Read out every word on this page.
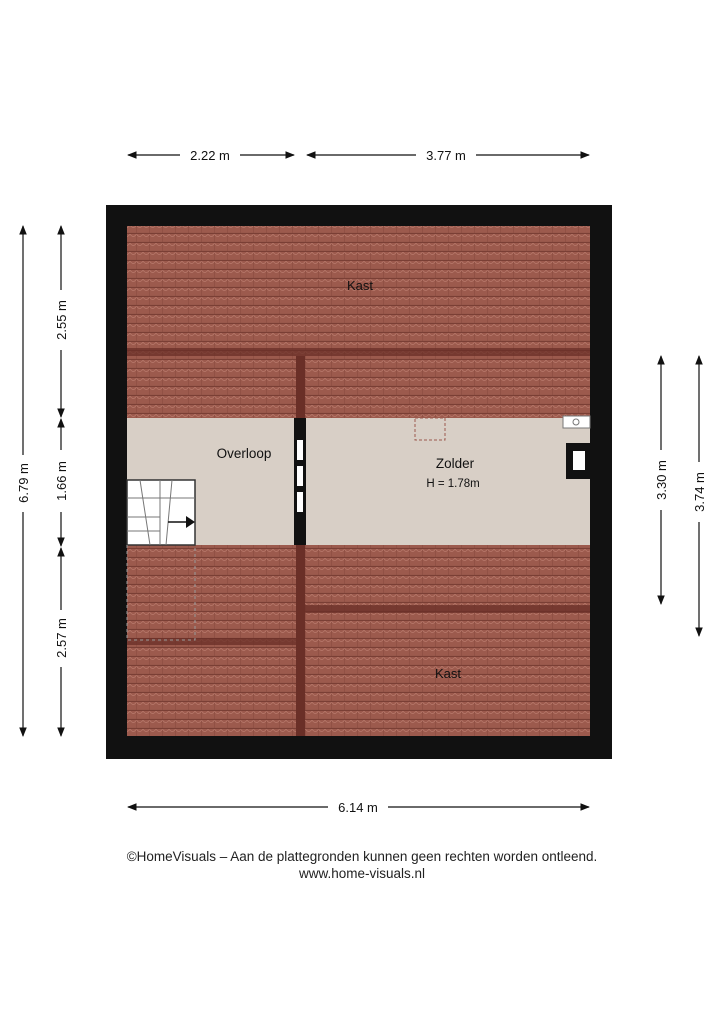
Kast
Overloop
Zolder
H = 1.78m
Kast
2.22 m	3.77 m
6.14 m
6.79 m
2.55 m
1.66 m
2.57 m
3.30 m 3.74 m
©HomeVisuals – Aan de plattegronden kunnen geen rechten worden ontleend.
www.home-visuals.nl
